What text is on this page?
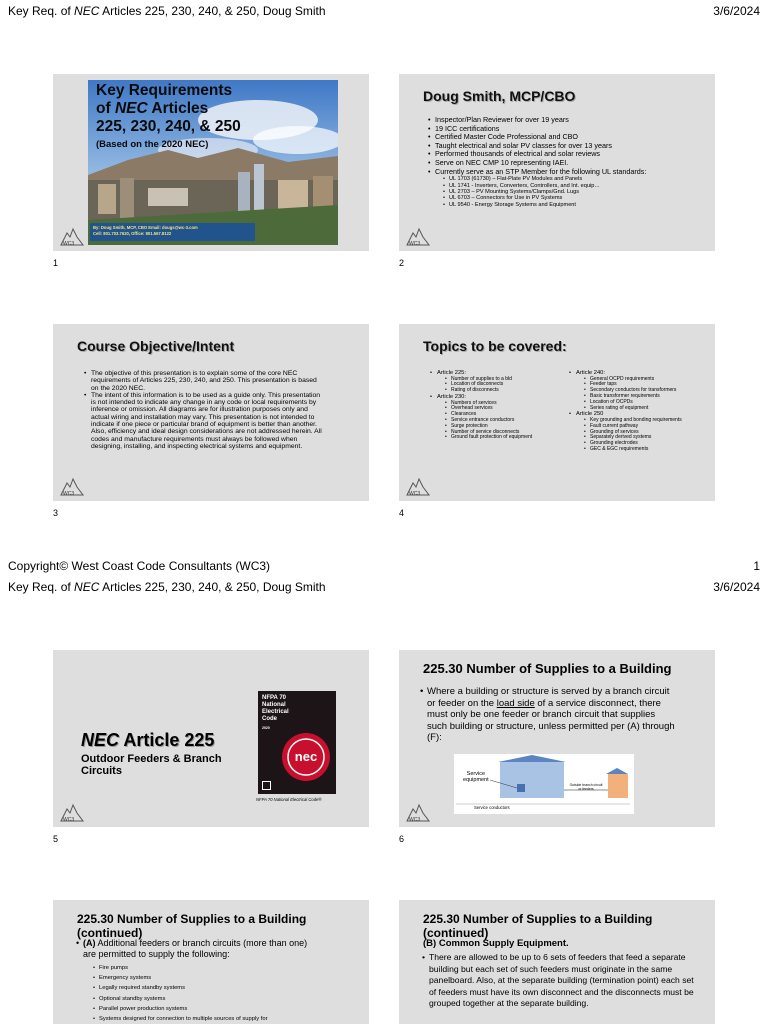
Key Req. of NEC Articles 225, 230, 240, & 250, Doug Smith	3/6/2024
Key Requirements
of NEC Articles
225, 230, 240, & 250
(Based on the 2020 NEC)
By: Doug Smith, MCP, CBO Email: dougs@wc-3.com
Cell: 801.703.7620, Office: 801.567.8122
WC3
1
Doug Smith, MCP/CBO
• Inspector/Plan Reviewer for over 19 years
• 19 ICC certifications
• Certified Master Code Professional and CBO
• Taught electrical and solar PV classes for over 13 years
• Performed thousands of electrical and solar reviews
• Serve on NEC CMP 10 representing IAEI.
• Currently serve as an STP Member for the following UL standards:
• UL 1703 (61730) – Flat-Plate PV Modules and Panels
• UL 1741 - Inverters, Converters, Controllers, and Int. equip…
• UL 2703 – PV Mounting Systems/Clamps/Gnd. Lugs
• UL 6703 – Connectors for Use in PV Systems
• UL 9540 - Energy Storage Systems and Equipment
WC3
2
Course Objective/Intent
• The objective of this presentation is to explain some of the core NEC requirements of Articles 225, 230, 240, and 250. This presentation is based on the 2020 NEC.
• The intent of this information is to be used as a guide only. This presentation is not intended to indicate any change in any code or local requirements by inference or omission. All diagrams are for illustration purposes only and actual wiring and installation may vary. This presentation is not intended to indicate if one piece or particular brand of equipment is better than another. Also, efficiency and ideal design considerations are not addressed herein. All codes and manufacture requirements must always be followed when designing, installing, and inspecting electrical systems and equipment.
WC3
3
Topics to be covered:
• Article 225:
• Number of supplies to a bld
• Location of disconnects
• Rating of disconnects
• Article 230:
• Numbers of services
• Overhead services
• Clearances
• Service entrance conductors
• Surge protection
• Number of service disconnects
• Ground fault protection of equipment
• Article 240:
• General OCPD requirements
• Feeder taps
• Secondary conductors for transformers
• Basic transformer requirements
• Location of OCPDs
• Series rating of equipment
• Article 250
• Key grounding and bonding requirements
• Fault current pathway
• Grounding of services
• Separately derived systems
• Grounding electrodes
• GEC & EGC requirements
WC3
4
Copyright© West Coast Code Consultants (WC3)	1
Key Req. of NEC Articles 225, 230, 240, & 250, Doug Smith	3/6/2024
NEC Article 225
Outdoor Feeders & Branch
Circuits
NFPA 70
National
Electrical
Code
2020
nec
NFPA 70 National Electrical Code®
WC3
5
225.30 Number of Supplies to a Building
• Where a building or structure is served by a branch circuit or feeder on the load side of a service disconnect, there must only be one feeder or branch circuit that supplies such building or structure, unless permitted per (A) through (F):
Service
equipment
Outside branch circuit
or feeders
Service conductors
WC3
6
225.30 Number of Supplies to a Building
(continued)
• (A) Additional feeders or branch circuits (more than one) are permitted to supply the following:
• Fire pumps
• Emergency systems
• Legally required standby systems
• Optional standby systems
• Parallel power production systems
• Systems designed for connection to multiple sources of supply for
225.30 Number of Supplies to a Building
(continued)
(B) Common Supply Equipment.
• There are allowed to be up to 6 sets of feeders that feed a separate building but each set of such feeders must originate in the same panelboard. Also, at the separate building (termination point) each set of feeders must have its own disconnect and the disconnects must be grouped together at the separate building.
